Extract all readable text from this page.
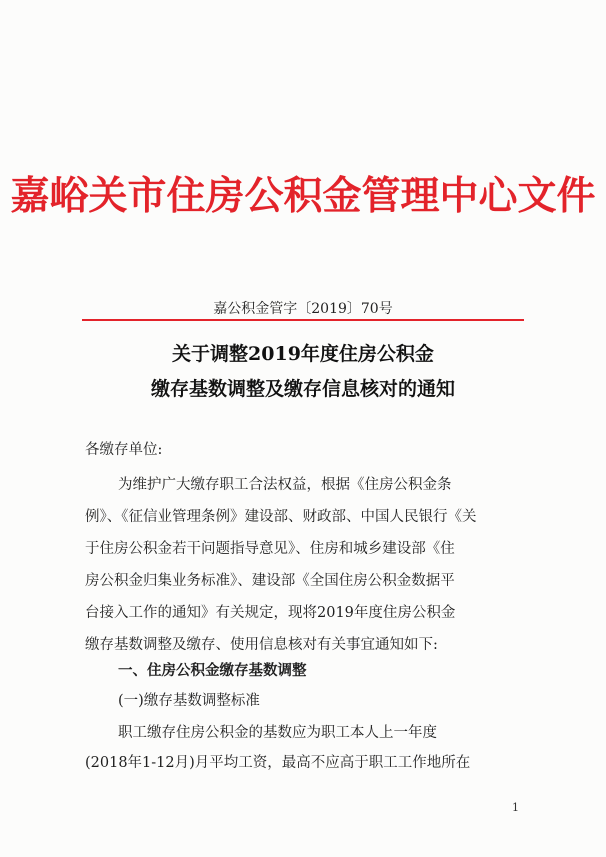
嘉峪关市住房公积金管理中心文件
嘉公积金管字〔2019〕70号
关于调整2019年度住房公积金
缴存基数调整及缴存信息核对的通知
各缴存单位:
为维护广大缴存职工合法权益，根据《住房公积金条
例》、《征信业管理条例》建设部、财政部、中国人民银行《关
于住房公积金若干问题指导意见》、住房和城乡建设部《住
房公积金归集业务标准》、建设部《全国住房公积金数据平
台接入工作的通知》有关规定，现将2019年度住房公积金
缴存基数调整及缴存、使用信息核对有关事宜通知如下:
一、住房公积金缴存基数调整
(一)缴存基数调整标准
职工缴存住房公积金的基数应为职工本人上一年度
(2018年1-12月)月平均工资，最高不应高于职工工作地所在
1
